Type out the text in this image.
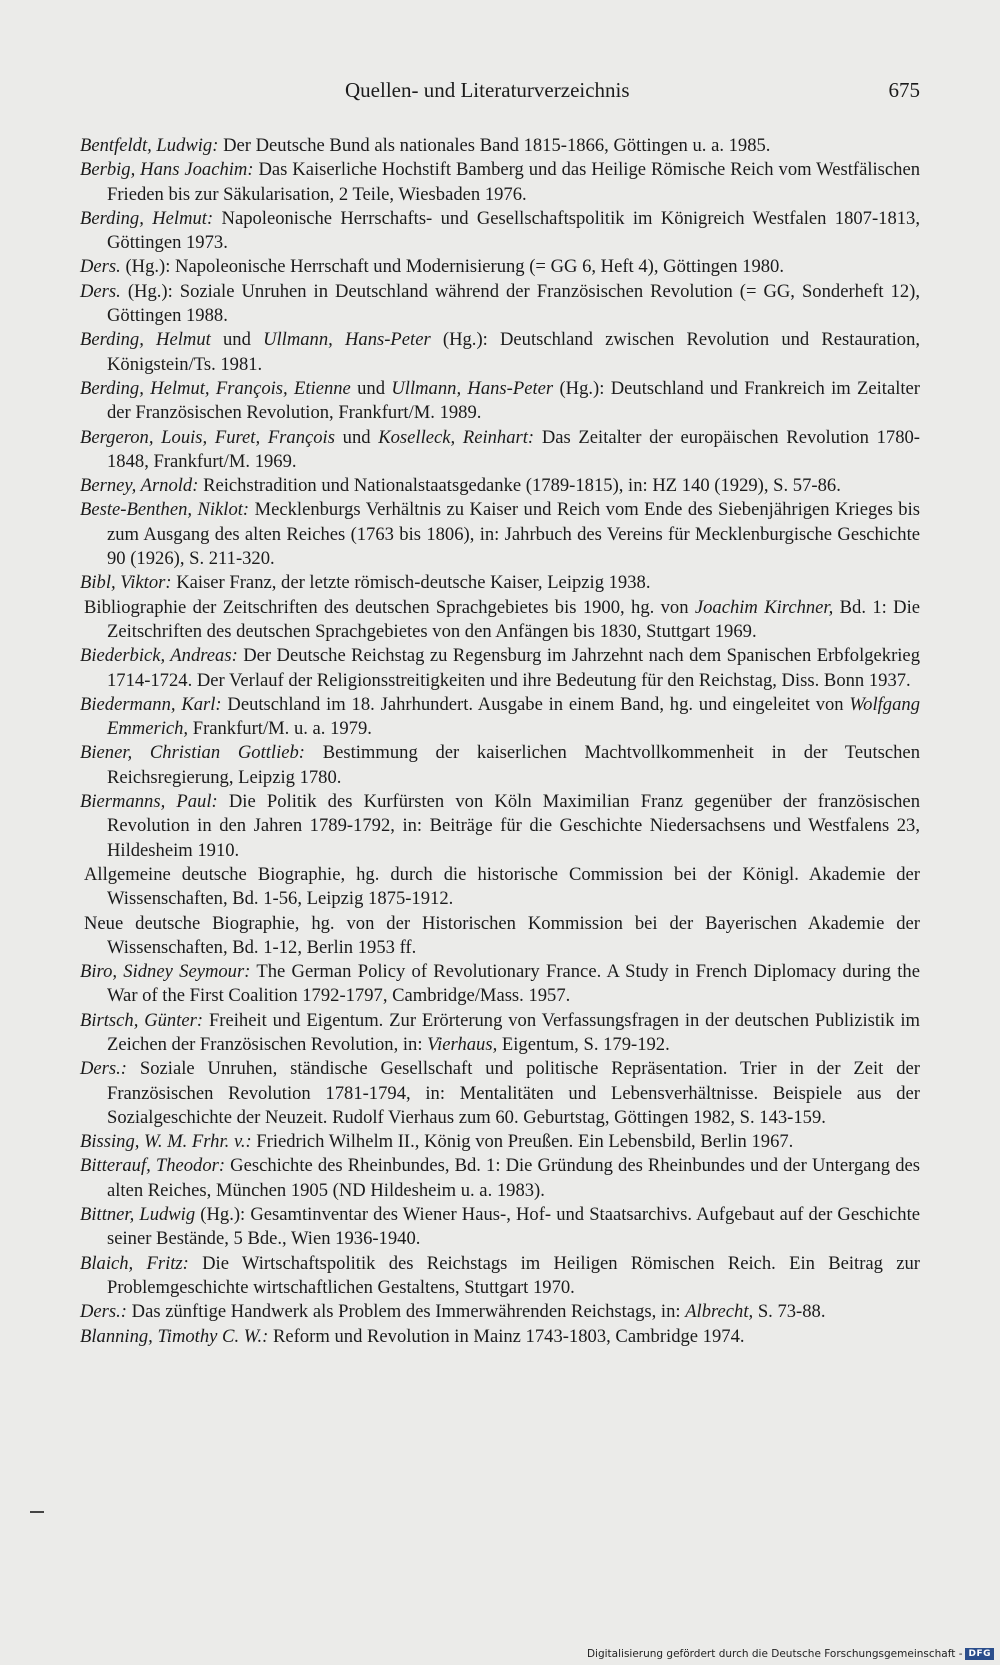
Quellen- und Literaturverzeichnis	675
Bentfeldt, Ludwig: Der Deutsche Bund als nationales Band 1815-1866, Göttingen u. a. 1985.
Berbig, Hans Joachim: Das Kaiserliche Hochstift Bamberg und das Heilige Römische Reich vom Westfälischen Frieden bis zur Säkularisation, 2 Teile, Wiesbaden 1976.
Berding, Helmut: Napoleonische Herrschafts- und Gesellschaftspolitik im Königreich Westfalen 1807-1813, Göttingen 1973.
Ders. (Hg.): Napoleonische Herrschaft und Modernisierung (= GG 6, Heft 4), Göttingen 1980.
Ders. (Hg.): Soziale Unruhen in Deutschland während der Französischen Revolution (= GG, Sonderheft 12), Göttingen 1988.
Berding, Helmut und Ullmann, Hans-Peter (Hg.): Deutschland zwischen Revolution und Restauration, Königstein/Ts. 1981.
Berding, Helmut, François, Etienne und Ullmann, Hans-Peter (Hg.): Deutschland und Frankreich im Zeitalter der Französischen Revolution, Frankfurt/M. 1989.
Bergeron, Louis, Furet, François und Koselleck, Reinhart: Das Zeitalter der europäischen Revolution 1780-1848, Frankfurt/M. 1969.
Berney, Arnold: Reichstradition und Nationalstaatsgedanke (1789-1815), in: HZ 140 (1929), S. 57-86.
Beste-Benthen, Niklot: Mecklenburgs Verhältnis zu Kaiser und Reich vom Ende des Siebenjährigen Krieges bis zum Ausgang des alten Reiches (1763 bis 1806), in: Jahrbuch des Vereins für Mecklenburgische Geschichte 90 (1926), S. 211-320.
Bibl, Viktor: Kaiser Franz, der letzte römisch-deutsche Kaiser, Leipzig 1938.
Bibliographie der Zeitschriften des deutschen Sprachgebietes bis 1900, hg. von Joachim Kirchner, Bd. 1: Die Zeitschriften des deutschen Sprachgebietes von den Anfängen bis 1830, Stuttgart 1969.
Biederbick, Andreas: Der Deutsche Reichstag zu Regensburg im Jahrzehnt nach dem Spanischen Erbfolgekrieg 1714-1724. Der Verlauf der Religionsstreitigkeiten und ihre Bedeutung für den Reichstag, Diss. Bonn 1937.
Biedermann, Karl: Deutschland im 18. Jahrhundert. Ausgabe in einem Band, hg. und eingeleitet von Wolfgang Emmerich, Frankfurt/M. u. a. 1979.
Biener, Christian Gottlieb: Bestimmung der kaiserlichen Machtvollkommenheit in der Teutschen Reichsregierung, Leipzig 1780.
Biermanns, Paul: Die Politik des Kurfürsten von Köln Maximilian Franz gegenüber der französischen Revolution in den Jahren 1789-1792, in: Beiträge für die Geschichte Niedersachsens und Westfalens 23, Hildesheim 1910.
Allgemeine deutsche Biographie, hg. durch die historische Commission bei der Königl. Akademie der Wissenschaften, Bd. 1-56, Leipzig 1875-1912.
Neue deutsche Biographie, hg. von der Historischen Kommission bei der Bayerischen Akademie der Wissenschaften, Bd. 1-12, Berlin 1953 ff.
Biro, Sidney Seymour: The German Policy of Revolutionary France. A Study in French Diplomacy during the War of the First Coalition 1792-1797, Cambridge/Mass. 1957.
Birtsch, Günter: Freiheit und Eigentum. Zur Erörterung von Verfassungsfragen in der deutschen Publizistik im Zeichen der Französischen Revolution, in: Vierhaus, Eigentum, S. 179-192.
Ders.: Soziale Unruhen, ständische Gesellschaft und politische Repräsentation. Trier in der Zeit der Französischen Revolution 1781-1794, in: Mentalitäten und Lebensverhältnisse. Beispiele aus der Sozialgeschichte der Neuzeit. Rudolf Vierhaus zum 60. Geburtstag, Göttingen 1982, S. 143-159.
Bissing, W. M. Frhr. v.: Friedrich Wilhelm II., König von Preußen. Ein Lebensbild, Berlin 1967.
Bitterauf, Theodor: Geschichte des Rheinbundes, Bd. 1: Die Gründung des Rheinbundes und der Untergang des alten Reiches, München 1905 (ND Hildesheim u. a. 1983).
Bittner, Ludwig (Hg.): Gesamtinventar des Wiener Haus-, Hof- und Staatsarchivs. Aufgebaut auf der Geschichte seiner Bestände, 5 Bde., Wien 1936-1940.
Blaich, Fritz: Die Wirtschaftspolitik des Reichstags im Heiligen Römischen Reich. Ein Beitrag zur Problemgeschichte wirtschaftlichen Gestaltens, Stuttgart 1970.
Ders.: Das zünftige Handwerk als Problem des Immerwährenden Reichstags, in: Albrecht, S. 73-88.
Blanning, Timothy C. W.: Reform und Revolution in Mainz 1743-1803, Cambridge 1974.
Digitalisierung gefördert durch die Deutsche Forschungsgemeinschaft - DFG
